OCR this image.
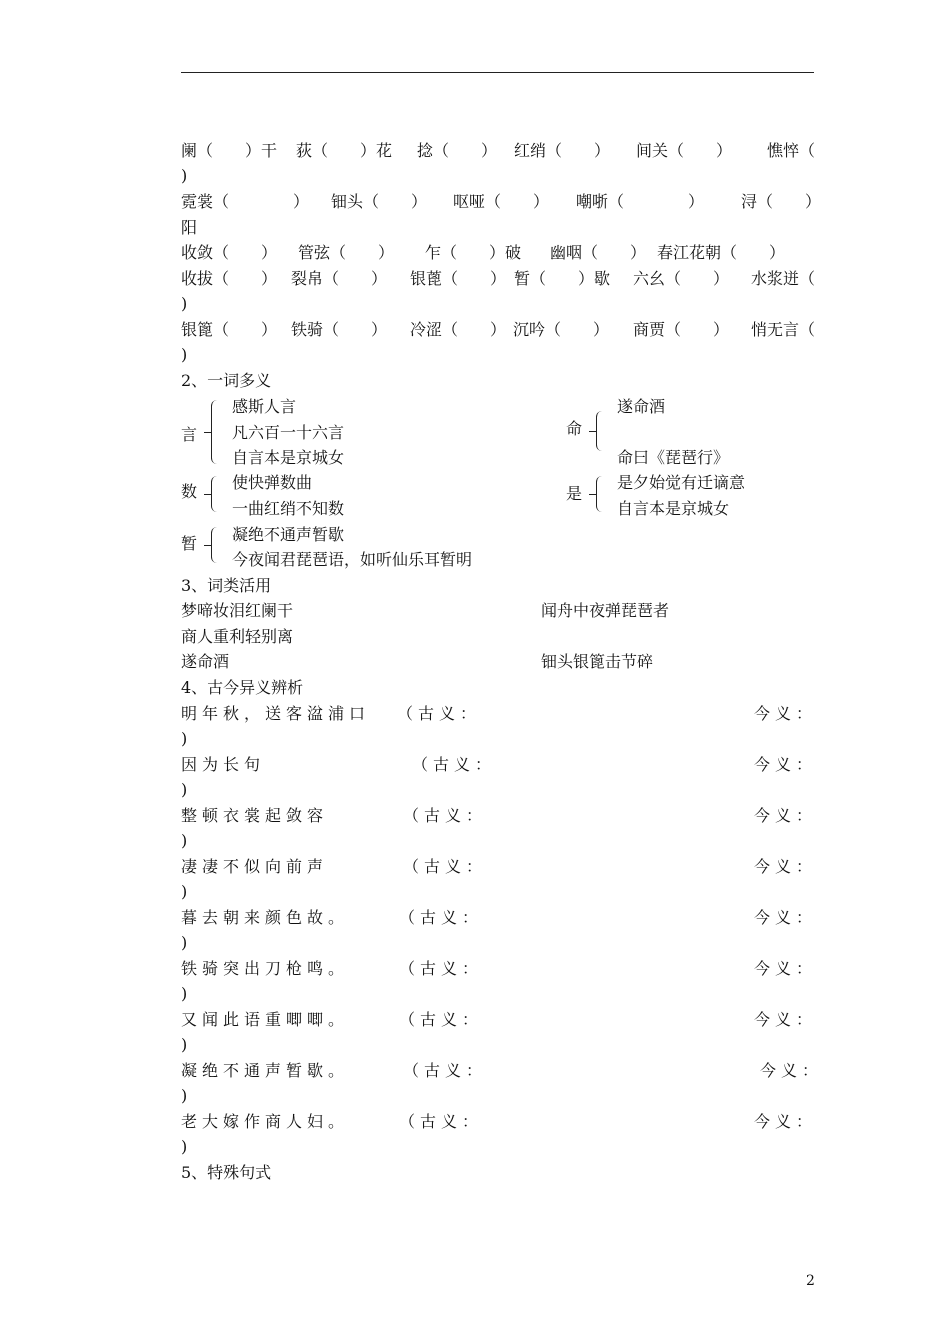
阑（　　）干 荻（　　）花 捻（　　） 红绡（　　） 间关（　　） 憔悴（
)
霓裳（　　　　） 钿头（　　） 呕哑（　　） 嘲哳（　　　　） 浔（　　）
阳
收敛（　　） 管弦（　　） 乍（　　）破 幽咽（　　） 春江花朝（　　）
收拔（　　） 裂帛（　　） 银蓖（　　） 暂（　　）歇 六幺（　　） 水浆迸（
)
银篦（　　） 铁骑（　　） 冷涩（　　） 沉吟（　　） 商贾（　　） 悄无言（
)
2、一词多义
言
感斯人言
凡六百一十六言
自言本是京城女
命
遂命酒
命曰《琵琶行》
数 使快弹数曲
一曲红绡不知数
是
是夕始觉有迁谪意
自言本是京城女
暂 凝绝不通声暂歇
今夜闻君琵琶语，如听仙乐耳暂明
3、词类活用
梦啼妆泪红阑干	闻舟中夜弹琵琶者
商人重利轻别离
遂命酒	钿头银篦击节碎
4、古今异义辨析
明年秋，送客湓浦口 （古义：	今义：
)
因为长句	（古义：	今义：
)
整顿衣裳起敛容	（古义：	今义：
)
凄凄不似向前声	（古义：	今义：
)
暮去朝来颜色故。	（古义：	今义：
)
铁骑突出刀枪鸣。	（古义：	今义：
)
又闻此语重唧唧。	（古义：	今义：
)
凝绝不通声暂歇。	（古义：	今义：
)
老大嫁作商人妇。	（古义：	今义：
)
5、特殊句式
2
